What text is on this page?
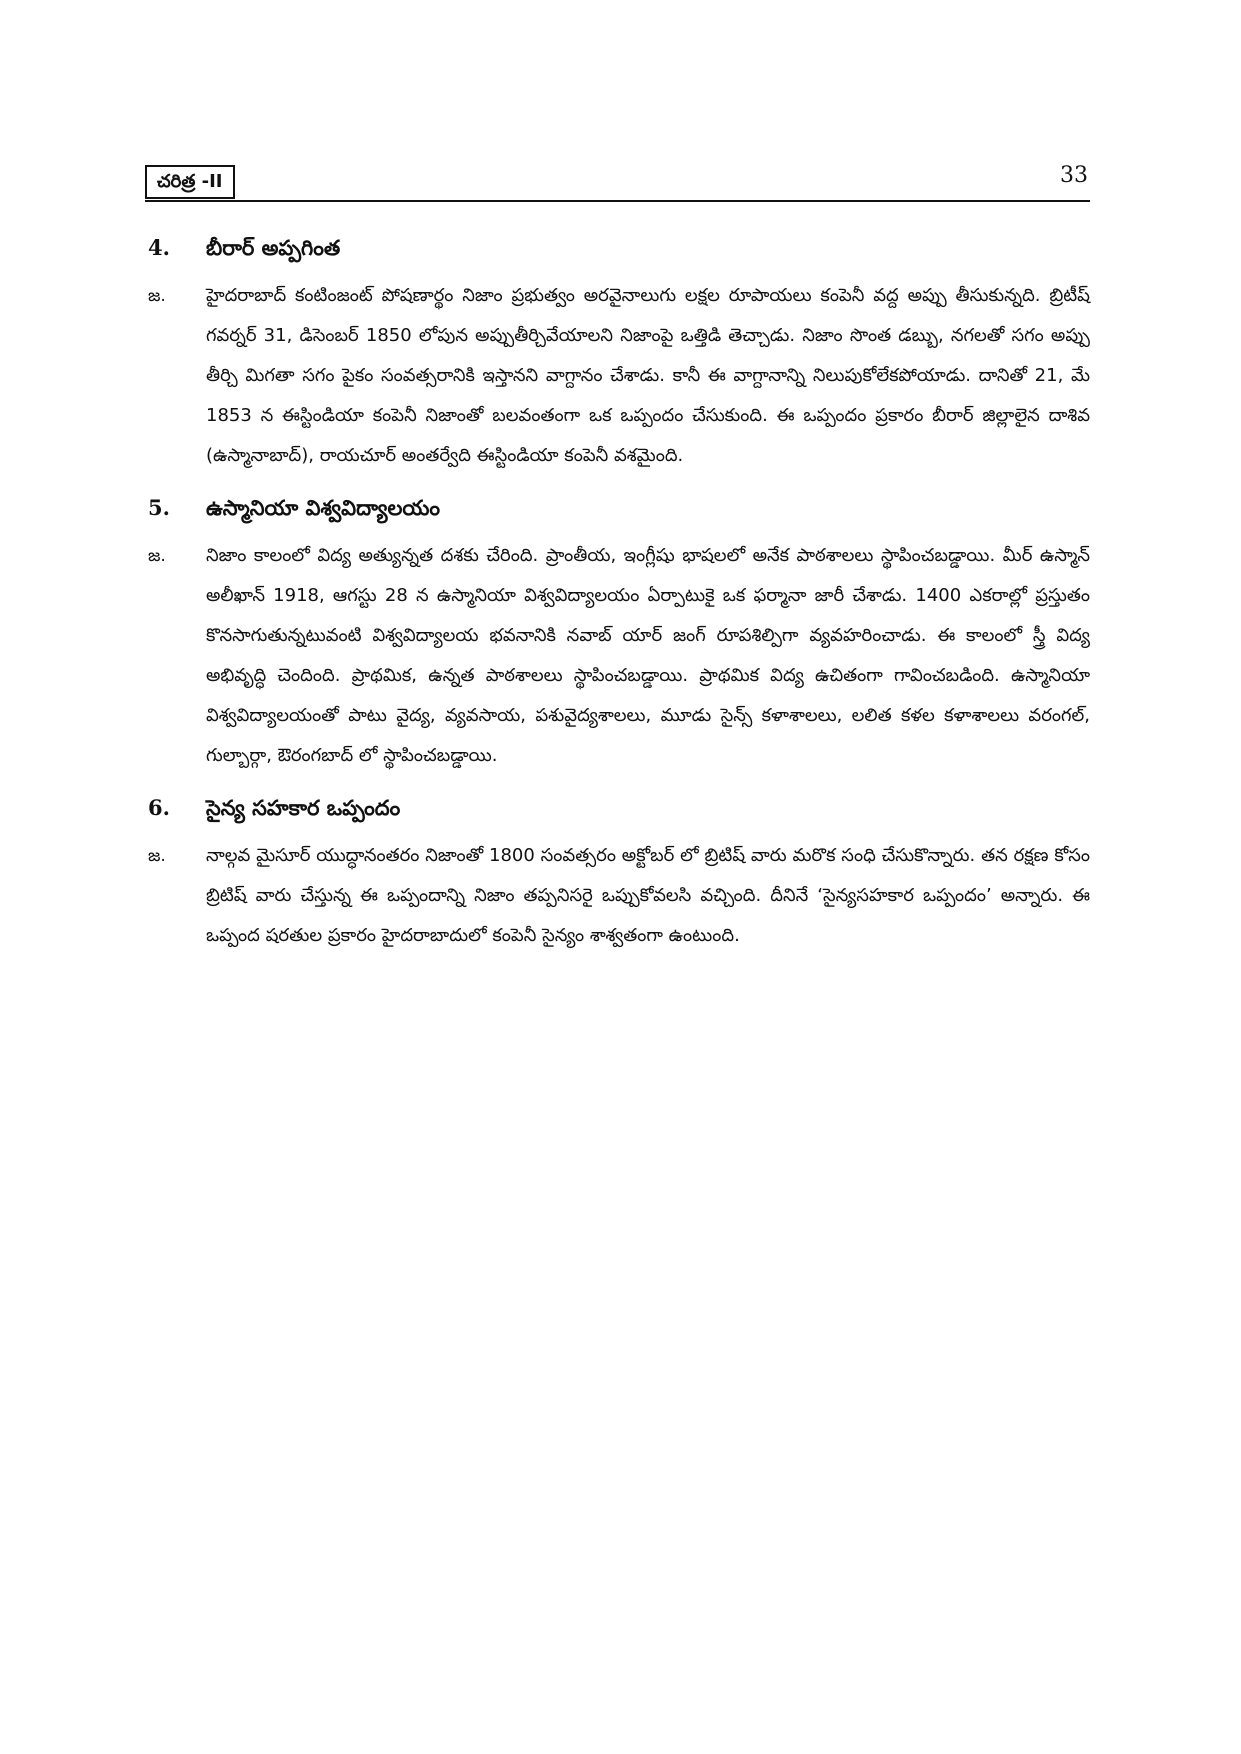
చరిత్ర -II	33
4.	బీరార్ అప్పగింత
జ.	హైదరాబాద్ కంటింజంట్ పోషణార్థం నిజాం ప్రభుత్వం అరవైనాలుగు లక్షల రూపాయలు కంపెనీ వద్ద అప్పు తీసుకున్నది. బ్రిటీష్ గవర్నర్ 31, డిసెంబర్ 1850 లోపున అప్పుతీర్చివేయాలని నిజాంపై ఒత్తిడి తెచ్చాడు. నిజాం సొంత డబ్బు, నగలతో సగం అప్పు తీర్చి మిగతా సగం పైకం సంవత్సరానికి ఇస్తానని వాగ్దానం చేశాడు. కానీ ఈ వాగ్దానాన్ని నిలుపుకోలేకపోయాడు. దానితో 21, మే 1853 న ఈస్టిండియా కంపెనీ నిజాంతో బలవంతంగా ఒక ఒప్పందం చేసుకుంది. ఈ ఒప్పందం ప్రకారం బీరార్ జిల్లాలైన దాశివ (ఉస్మానాబాద్), రాయచూర్ అంతర్వేది ఈస్టిండియా కంపెనీ వశమైంది.
5.	ఉస్మానియా విశ్వవిద్యాలయం
జ.	నిజాం కాలంలో విద్య అత్యున్నత దశకు చేరింది. ప్రాంతీయ, ఇంగ్లీషు భాషలలో అనేక పాఠశాలలు స్థాపించబడ్డాయి. మీర్ ఉస్మాన్ అలీఖాన్ 1918, ఆగస్టు 28 న ఉస్మానియా విశ్వవిద్యాలయం ఏర్పాటుకై ఒక ఫర్మానా జారీ చేశాడు. 1400 ఎకరాల్లో ప్రస్తుతం కొనసాగుతున్నటువంటి విశ్వవిద్యాలయ భవనానికి నవాబ్ యార్ జంగ్ రూపశిల్పిగా వ్యవహరించాడు. ఈ కాలంలో స్త్రీ విద్య అభివృద్ధి చెందింది. ప్రాథమిక, ఉన్నత పాఠశాలలు స్థాపించబడ్డాయి. ప్రాథమిక విద్య ఉచితంగా గావించబడింది. ఉస్మానియా విశ్వవిద్యాలయంతో పాటు వైద్య, వ్యవసాయ, పశువైద్యశాలలు, మూడు సైన్స్ కళాశాలలు, లలిత కళల కళాశాలలు వరంగల్, గుల్బార్గా, ఔరంగబాద్ లో స్థాపించబడ్డాయి.
6.	సైన్య సహకార ఒప్పందం
జ.	నాల్గవ మైసూర్ యుద్ధానంతరం నిజాంతో 1800 సంవత్సరం అక్టోబర్ లో బ్రిటిష్ వారు మరొక సంధి చేసుకొన్నారు. తన రక్షణ కోసం బ్రిటిష్ వారు చేస్తున్న ఈ ఒప్పందాన్ని నిజాం తప్పనిసరై ఒప్పుకోవలసి వచ్చింది. దీనినే ‘సైన్యసహకార ఒప్పందం’ అన్నారు. ఈ ఒప్పంద షరతుల ప్రకారం హైదరాబాదులో కంపెనీ సైన్యం శాశ్వతంగా ఉంటుంది.
